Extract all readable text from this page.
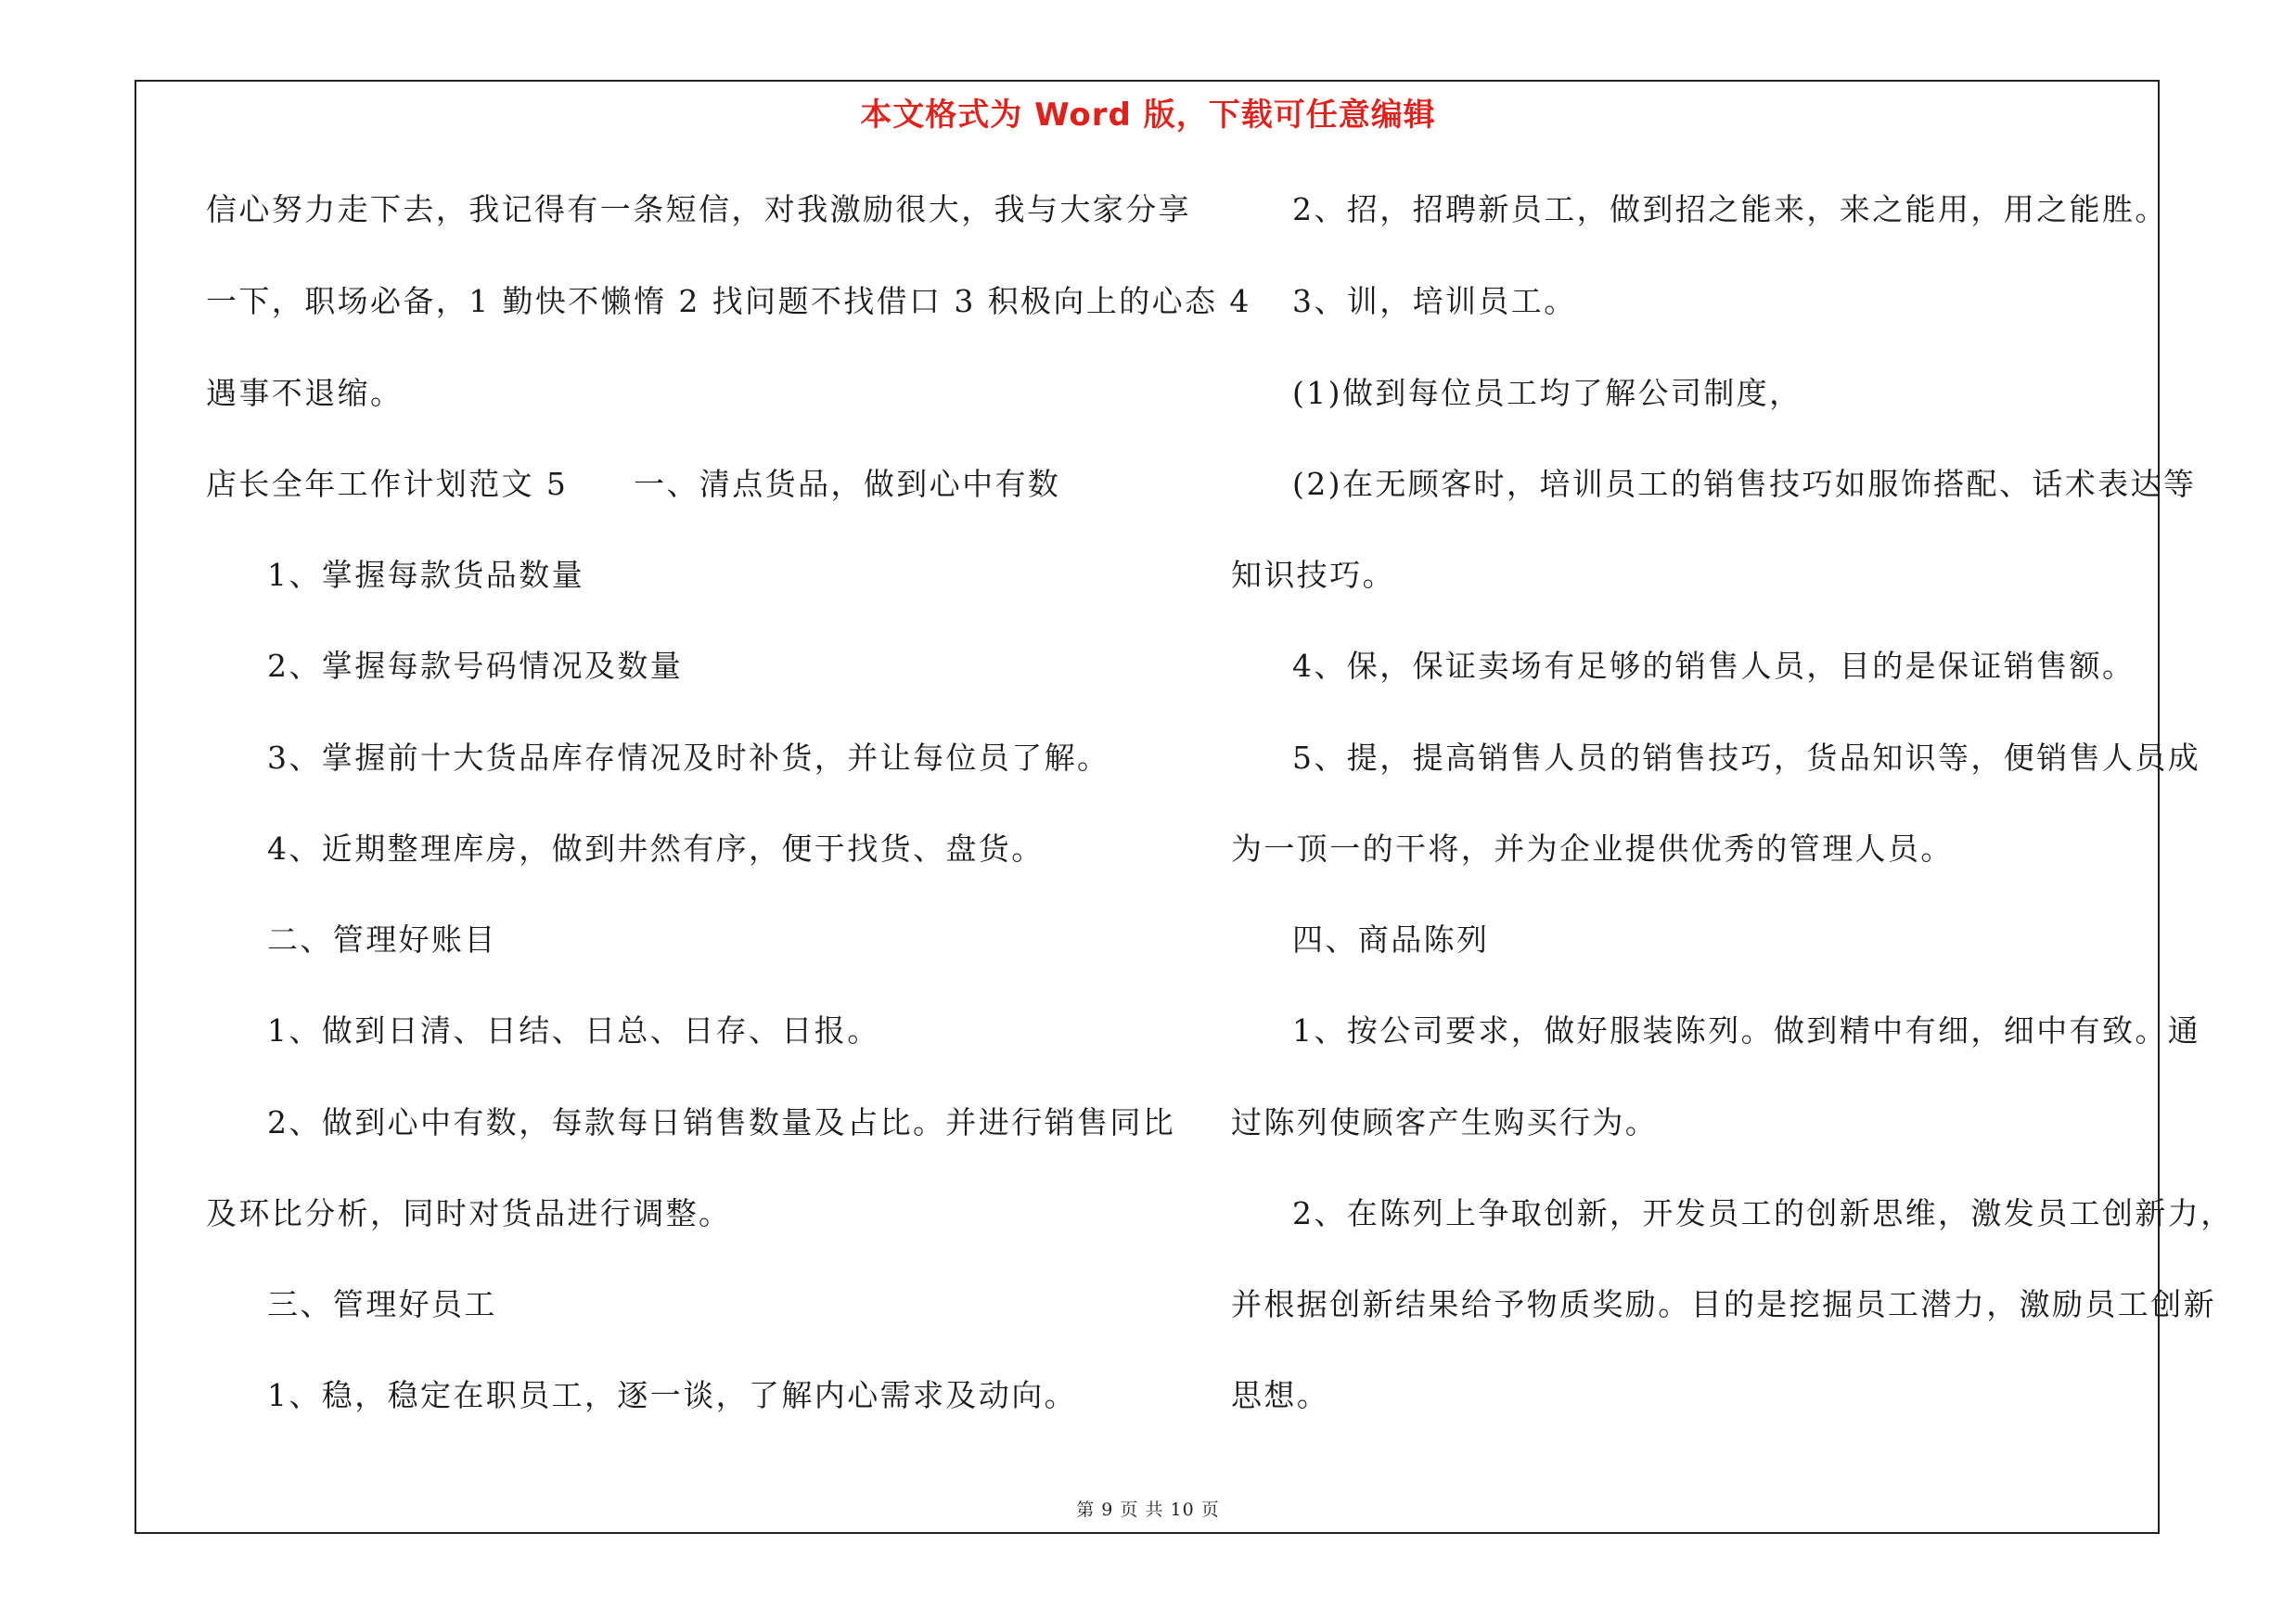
本文格式为 Word 版，下载可任意编辑
信心努力走下去，我记得有一条短信，对我激励很大，我与大家分享
一下，职场必备，1 勤快不懒惰 2 找问题不找借口 3 积极向上的心态 4
遇事不退缩。
店长全年工作计划范文 5　　一、清点货品，做到心中有数
1、掌握每款货品数量
2、掌握每款号码情况及数量
3、掌握前十大货品库存情况及时补货，并让每位员了解。
4、近期整理库房，做到井然有序，便于找货、盘货。
二、管理好账目
1、做到日清、日结、日总、日存、日报。
2、做到心中有数，每款每日销售数量及占比。并进行销售同比
及环比分析，同时对货品进行调整。
三、管理好员工
1、稳，稳定在职员工，逐一谈，了解内心需求及动向。
2、招，招聘新员工，做到招之能来，来之能用，用之能胜。
3、训，培训员工。
(1)做到每位员工均了解公司制度，
(2)在无顾客时，培训员工的销售技巧如服饰搭配、话术表达等
知识技巧。
4、保，保证卖场有足够的销售人员，目的是保证销售额。
5、提，提高销售人员的销售技巧，货品知识等，便销售人员成
为一顶一的干将，并为企业提供优秀的管理人员。
四、商品陈列
1、按公司要求，做好服装陈列。做到精中有细，细中有致。通
过陈列使顾客产生购买行为。
2、在陈列上争取创新，开发员工的创新思维，激发员工创新力，
并根据创新结果给予物质奖励。目的是挖掘员工潜力，激励员工创新
思想。
第 9 页 共 10 页
